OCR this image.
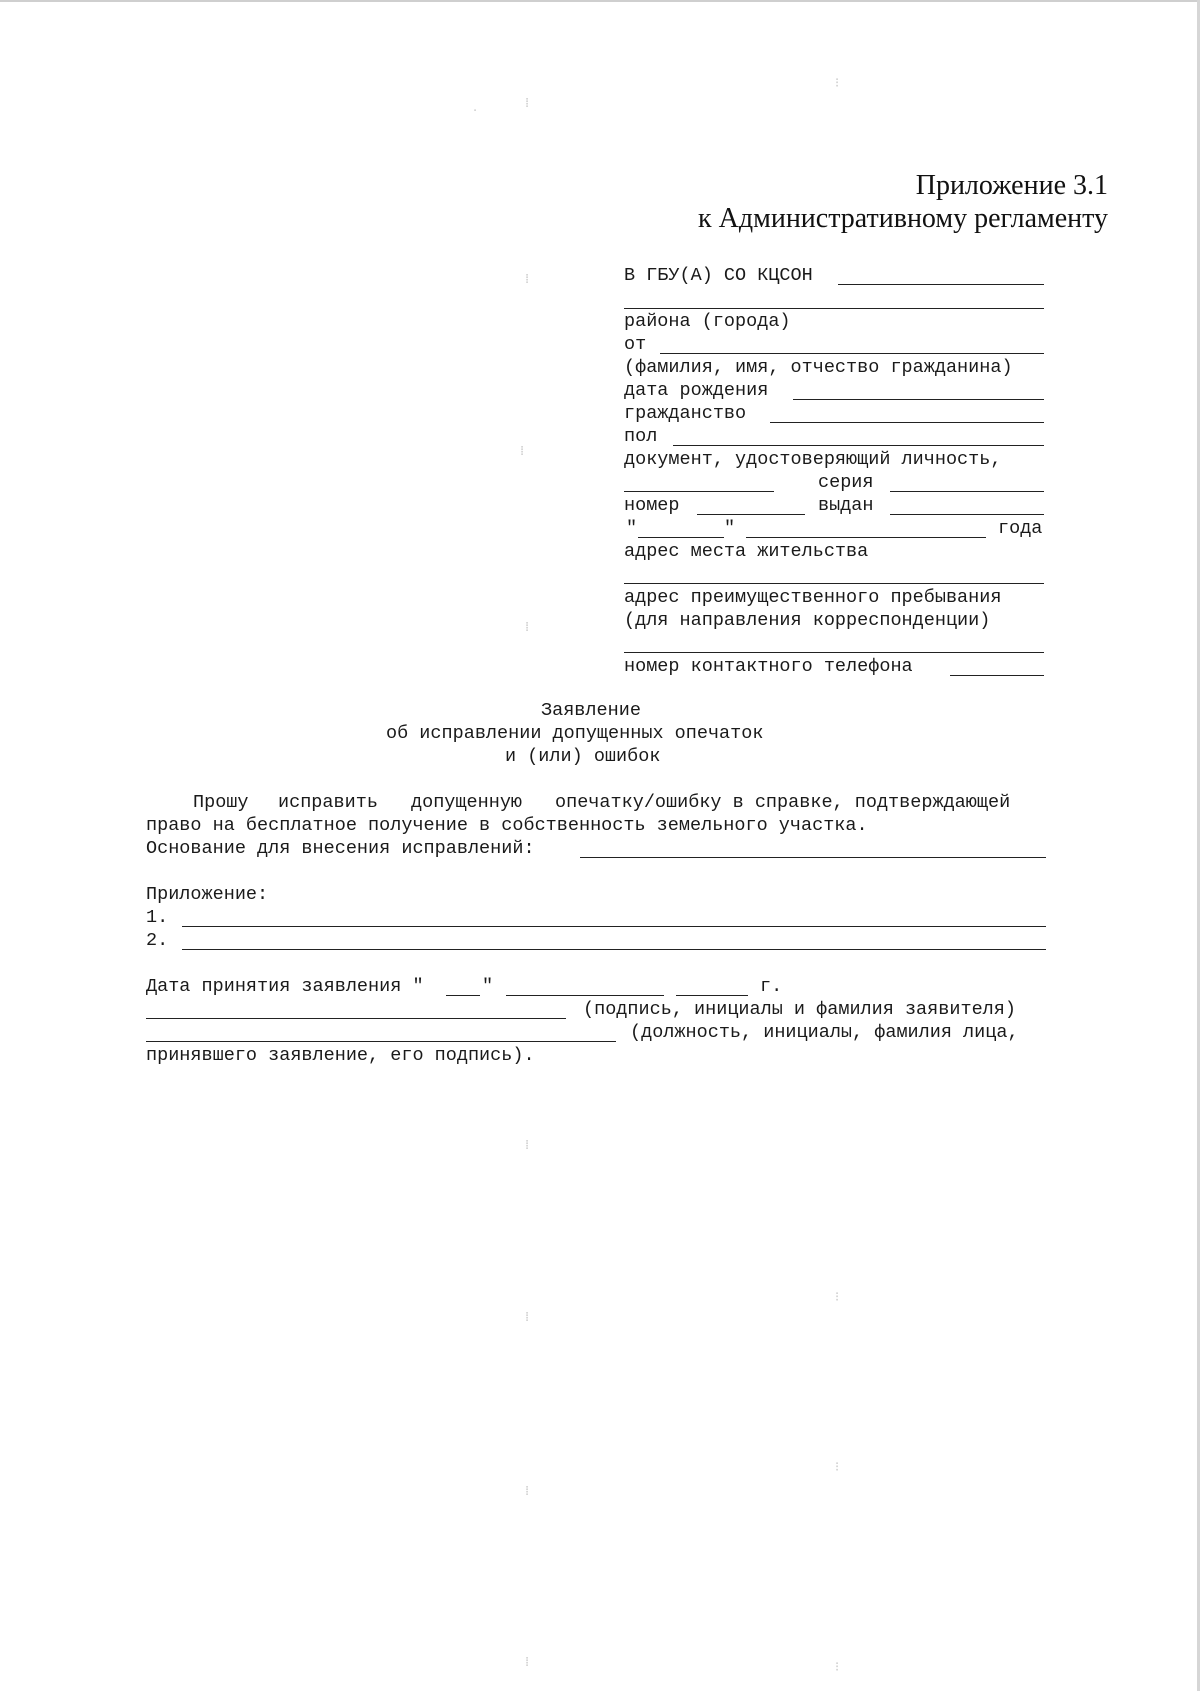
Приложение 3.1
к Административному регламенту
В ГБУ(А) СО КЦСОН
района (города)
от
(фамилия, имя, отчество гражданина)
дата рождения
гражданство
пол
документ, удостоверяющий личность,
серия
номер	выдан
"	"	года
адрес места жительства
адрес преимущественного пребывания
(для направления корреспонденции)
номер контактного телефона
Заявление
об исправлении допущенных опечаток
и (или) ошибок
Прошу исправить допущенную опечатку/ошибку в справке, подтверждающей
право на бесплатное получение в собственность земельного участка.
Основание для внесения исправлений:
Приложение:
1.
2.
Дата принятия заявления "	"	г.
(подпись, инициалы и фамилия заявителя)
(должность, инициалы, фамилия лица,
принявшего заявление, его подпись).
⁞
·
⁝
⁞
⁞
⁞
⁞
⁞
⁞
⁝
⁝
⁝
⁞
